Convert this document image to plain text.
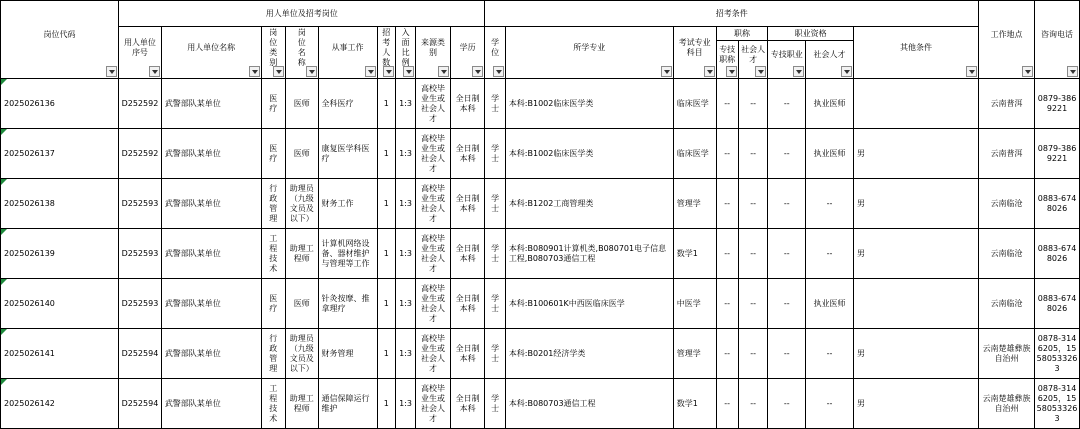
岗位代码	用人单位及招考岗位									招考条件								工作地点	咨询电话

	用人单位序号	用人单位名称	岗位类别	岗位名称	从事工作	招考人数	入面比例	来源类别	学历	学位	所学专业	考试专业科目	职称		职业资格		其他条件		

													专技职称	社会人才	专技职业	社会人才			

2025026136	D252592	武警部队某单位	医疗	医师	全科医疗	1	1:3	高校毕业生或社会人才	全日制本科	学士	本科:B1002临床医学类	临床医学	--	--	--	执业医师		云南普洱	0879-3869221

2025026137	D252592	武警部队某单位	医疗	医师	康复医学科医疗	1	1:3	高校毕业生或社会人才	全日制本科	学士	本科:B1002临床医学类	临床医学	--	--	--	执业医师	男	云南普洱	0879-3869221

2025026138	D252593	武警部队某单位	行政管理	助理员（九级文员及以下）	财务工作	1	1:3	高校毕业生或社会人才	全日制本科	学士	本科:B1202工商管理类	管理学	--	--	--	--	男	云南临沧	0883-6748026

2025026139	D252593	武警部队某单位	工程技术	助理工程师	计算机网络设备、器材维护与管理等工作	1	1:3	高校毕业生或社会人才	全日制本科	学士	本科:B080901计算机类,B080701电子信息工程,B080703通信工程	数学1	--	--	--	--	男	云南临沧	0883-6748026

2025026140	D252593	武警部队某单位	医疗	医师	针灸按摩、推拿理疗	1	1:3	高校毕业生或社会人才	全日制本科	学士	本科:B100601K中西医临床医学	中医学	--	--	--	执业医师		云南临沧	0883-6748026

2025026141	D252594	武警部队某单位	行政管理	助理员（九级文员及以下）	财务管理	1	1:3	高校毕业生或社会人才	全日制本科	学士	本科:B0201经济学类	管理学	--	--	--	--	男	云南楚雄彝族自治州	0878-3146205，15580533263

2025026142	D252594	武警部队某单位	工程技术	助理工程师	通信保障运行维护	1	1:3	高校毕业生或社会人才	全日制本科	学士	本科:B080703通信工程	数学1	--	--	--	--	男	云南楚雄彝族自治州	0878-3146205，15580533263
